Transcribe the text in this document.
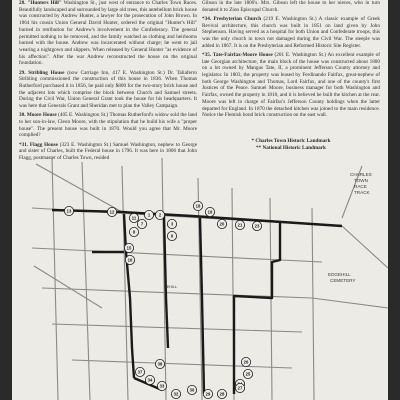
28. "Hunters Hill" Washington St., just west of entrance to Charles Town Races. Beautifully landscaped and surrounded by large old trees, this antebellum brick house was constructed by Andrew Hunter, a lawyer for the prosecution of John Brown. In 1864 his cousin Union General David Hunter, ordered the original "Hunter's Hill" burned in retribution for Andrew's involvement in the Confederacy. The general permitted nothing to be removed, and the family watched as clothing and heirlooms burned with the house. Andrew was incarcerated without charge; he went to jail wearing a nightgown and slippers. When released by General Hunter "as evidence of his affection". After the war Andrew reconstructed the house on the original foundation.

29. Stribling House (now Carriage Inn, 417 E. Washington St.) Dr. Taliaferro Stribling commissioned the construction of this house in 1836. When Thomas Rutherford purchased it in 1856, he paid only $800 for the two-story brick house and the adjacent lots which comprise the block between Church and Samuel streets. During the Civil War, Union General Grant took the house for his headquarters. It was here that Generals Grant and Sheridan met to plan the Valley Campaign.

30. Moore House (405 E. Washington St.) Thomas Rutherford's widow sold the land to her son-in-law, Cleon Moore, with the stipulation that he build his wife a "proper house". The present house was built in 1870. Would you agree that Mr. Moore complied?

*31. Flagg House (323 E. Washington St.) Samuel Washington, nephew to George and sister of Charles, built the Federal house in 1796. It was here in 1806 that John Flagg, postmaster of Charles Town, resided

Gibson in the late 1800's. Mrs. Gibson left the house to her nieces, who in turn donated it to Zion Episcopal Church.

*34. Presbyterian Church (219 E. Washington St.) A classic example of Greek Revival architecture, this church was built in 1851 on land given by John Stephenson. Having served as a hospital for both Union and Confederate troops, this was the only church in town not damaged during the Civil War. The steeple was added in 1867. It is on the Presbyterian and Reformed Historic Site Register.

*35. Tate-Fairfax-Moore House (201 E. Washington St.) An excellent example of late Georgian architecture, the main block of the house was constructed about 1800 on a lot owned by Mangus Tate, II, a prominent Jefferson County attorney and legislator. In 1803, the property was leased by Ferdinando Fairfax, great-nephew of both George Washington and Thomas, Lord Fairfax, and one of the county's first Justices of the Peace. Samuel Moore, business manager for both Washington and Fairfax, owned the property in 1810, and it is believed he built the kitchen at the rear. Moore was left in charge of Fairfax's Jefferson County holdings when the latter departed for England. In 1870 the detached kitchen was joined to the main residence. Notice the Flemish bond brick construction on the east wall.

* Charles Town Historic Landmark
** National Historic Landmark
CHARLES
TOWN
RACE
TRACK
EDGEHILL
CEMETERY
DEHILL
1 2
3
6
7
8
11
12
13
15
16
18
19
20	21	23
25
26
27
28
29
30
32
33
34
37
38
